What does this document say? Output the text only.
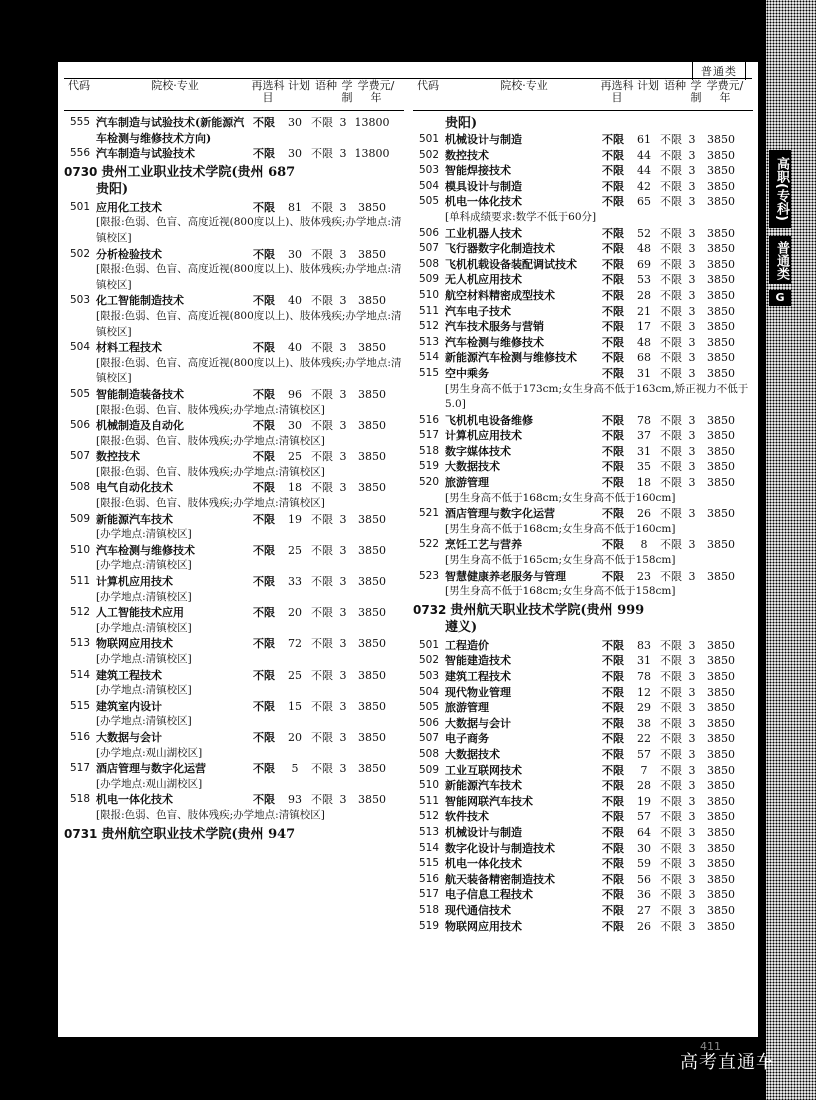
普通类
代码	院校·专业	再选科目
计划 语种 学制
学费元/年
555 汽车制造与试验技术(新能源汽车检测与维修技术方向)
不限	30 不限 3 13800
556 汽车制造与试验技术	不限	30 不限 3 13800
0730 贵州工业职业技术学院(贵州 687
贵阳)
501 应用化工技术	不限	81 不限 3	3850
[限报:色弱、色盲、高度近视(800度以上)、肢体残疾;办学地点:清镇校区]
502 分析检验技术	不限	30 不限 3	3850
[限报:色弱、色盲、高度近视(800度以上)、肢体残疾;办学地点:清镇校区]
503 化工智能制造技术	不限	40 不限 3	3850
[限报:色弱、色盲、高度近视(800度以上)、肢体残疾;办学地点:清镇校区]
504 材料工程技术	不限	40 不限 3	3850
[限报:色弱、色盲、高度近视(800度以上)、肢体残疾;办学地点:清镇校区]
505 智能制造装备技术	不限	96 不限 3	3850
[限报:色弱、色盲、肢体残疾;办学地点:清镇校区]
506 机械制造及自动化	不限	30 不限 3	3850
[限报:色弱、色盲、肢体残疾;办学地点:清镇校区]
507 数控技术	不限	25 不限 3	3850
[限报:色弱、色盲、肢体残疾;办学地点:清镇校区]
508 电气自动化技术	不限	18 不限 3	3850
[限报:色弱、色盲、肢体残疾;办学地点:清镇校区]
509 新能源汽车技术	不限	19 不限 3	3850
[办学地点:清镇校区]
510 汽车检测与维修技术	不限	25 不限 3	3850
[办学地点:清镇校区]
511 计算机应用技术	不限	33 不限 3	3850
[办学地点:清镇校区]
512 人工智能技术应用	不限	20 不限 3	3850
[办学地点:清镇校区]
513 物联网应用技术	不限	72 不限 3	3850
[办学地点:清镇校区]
514 建筑工程技术	不限	25 不限 3	3850
[办学地点:清镇校区]
515 建筑室内设计	不限	15 不限 3	3850
[办学地点:清镇校区]
516 大数据与会计	不限	20 不限 3	3850
[办学地点:观山湖校区]
517 酒店管理与数字化运营	不限	5	不限 3	3850
[办学地点:观山湖校区]
518 机电一体化技术	不限	93 不限 3	3850
[限报:色弱、色盲、肢体残疾;办学地点:清镇校区]
0731 贵州航空职业技术学院(贵州 947
代码	院校·专业	再选科目
计划 语种 学制
学费元/年
贵阳)
501 机械设计与制造	不限	61 不限 3	3850
502 数控技术	不限	44 不限 3	3850
503 智能焊接技术	不限	44 不限 3	3850
504 模具设计与制造	不限	42 不限 3	3850
505 机电一体化技术	不限	65 不限 3	3850
[单科成绩要求:数学不低于60分]
506 工业机器人技术	不限	52 不限 3	3850
507 飞行器数字化制造技术	不限	48 不限 3	3850
508 飞机机载设备装配调试技术	不限	69 不限 3	3850
509 无人机应用技术	不限	53 不限 3	3850
510 航空材料精密成型技术	不限	28 不限 3	3850
511 汽车电子技术	不限	21 不限 3	3850
512 汽车技术服务与营销	不限	17 不限 3	3850
513 汽车检测与维修技术	不限	48 不限 3	3850
514 新能源汽车检测与维修技术	不限	68 不限 3	3850
515 空中乘务	不限	31 不限 3	3850
[男生身高不低于173cm;女生身高不低于163cm,矫正视力不低于5.0]
516 飞机机电设备维修	不限	78 不限 3	3850
517 计算机应用技术	不限	37 不限 3	3850
518 数字媒体技术	不限	31 不限 3	3850
519 大数据技术	不限	35 不限 3	3850
520 旅游管理	不限	18 不限 3	3850
[男生身高不低于168cm;女生身高不低于160cm]
521 酒店管理与数字化运营	不限	26 不限 3	3850
[男生身高不低于168cm;女生身高不低于160cm]
522 烹饪工艺与营养	不限	8	不限 3	3850
[男生身高不低于165cm;女生身高不低于158cm]
523 智慧健康养老服务与管理	不限	23 不限 3	3850
[男生身高不低于168cm;女生身高不低于158cm]
0732 贵州航天职业技术学院(贵州 999
遵义)
501 工程造价	不限	83 不限 3	3850
502 智能建造技术	不限	31 不限 3	3850
503 建筑工程技术	不限	78 不限 3	3850
504 现代物业管理	不限	12 不限 3	3850
505 旅游管理	不限	29 不限 3	3850
506 大数据与会计	不限	38 不限 3	3850
507 电子商务	不限	22 不限 3	3850
508 大数据技术	不限	57 不限 3	3850
509 工业互联网技术	不限	7	不限 3	3850
510 新能源汽车技术	不限	28 不限 3	3850
511 智能网联汽车技术	不限	19 不限 3	3850
512 软件技术	不限	57 不限 3	3850
513 机械设计与制造	不限	64 不限 3	3850
514 数字化设计与制造技术	不限	30 不限 3	3850
515 机电一体化技术	不限	59 不限 3	3850
516 航天装备精密制造技术	不限	56 不限 3	3850
517 电子信息工程技术	不限	36 不限 3	3850
518 现代通信技术	不限	27 不限 3	3850
519 物联网应用技术	不限	26 不限 3	3850
高职(专科)
普通类
G
411
高考直通车
